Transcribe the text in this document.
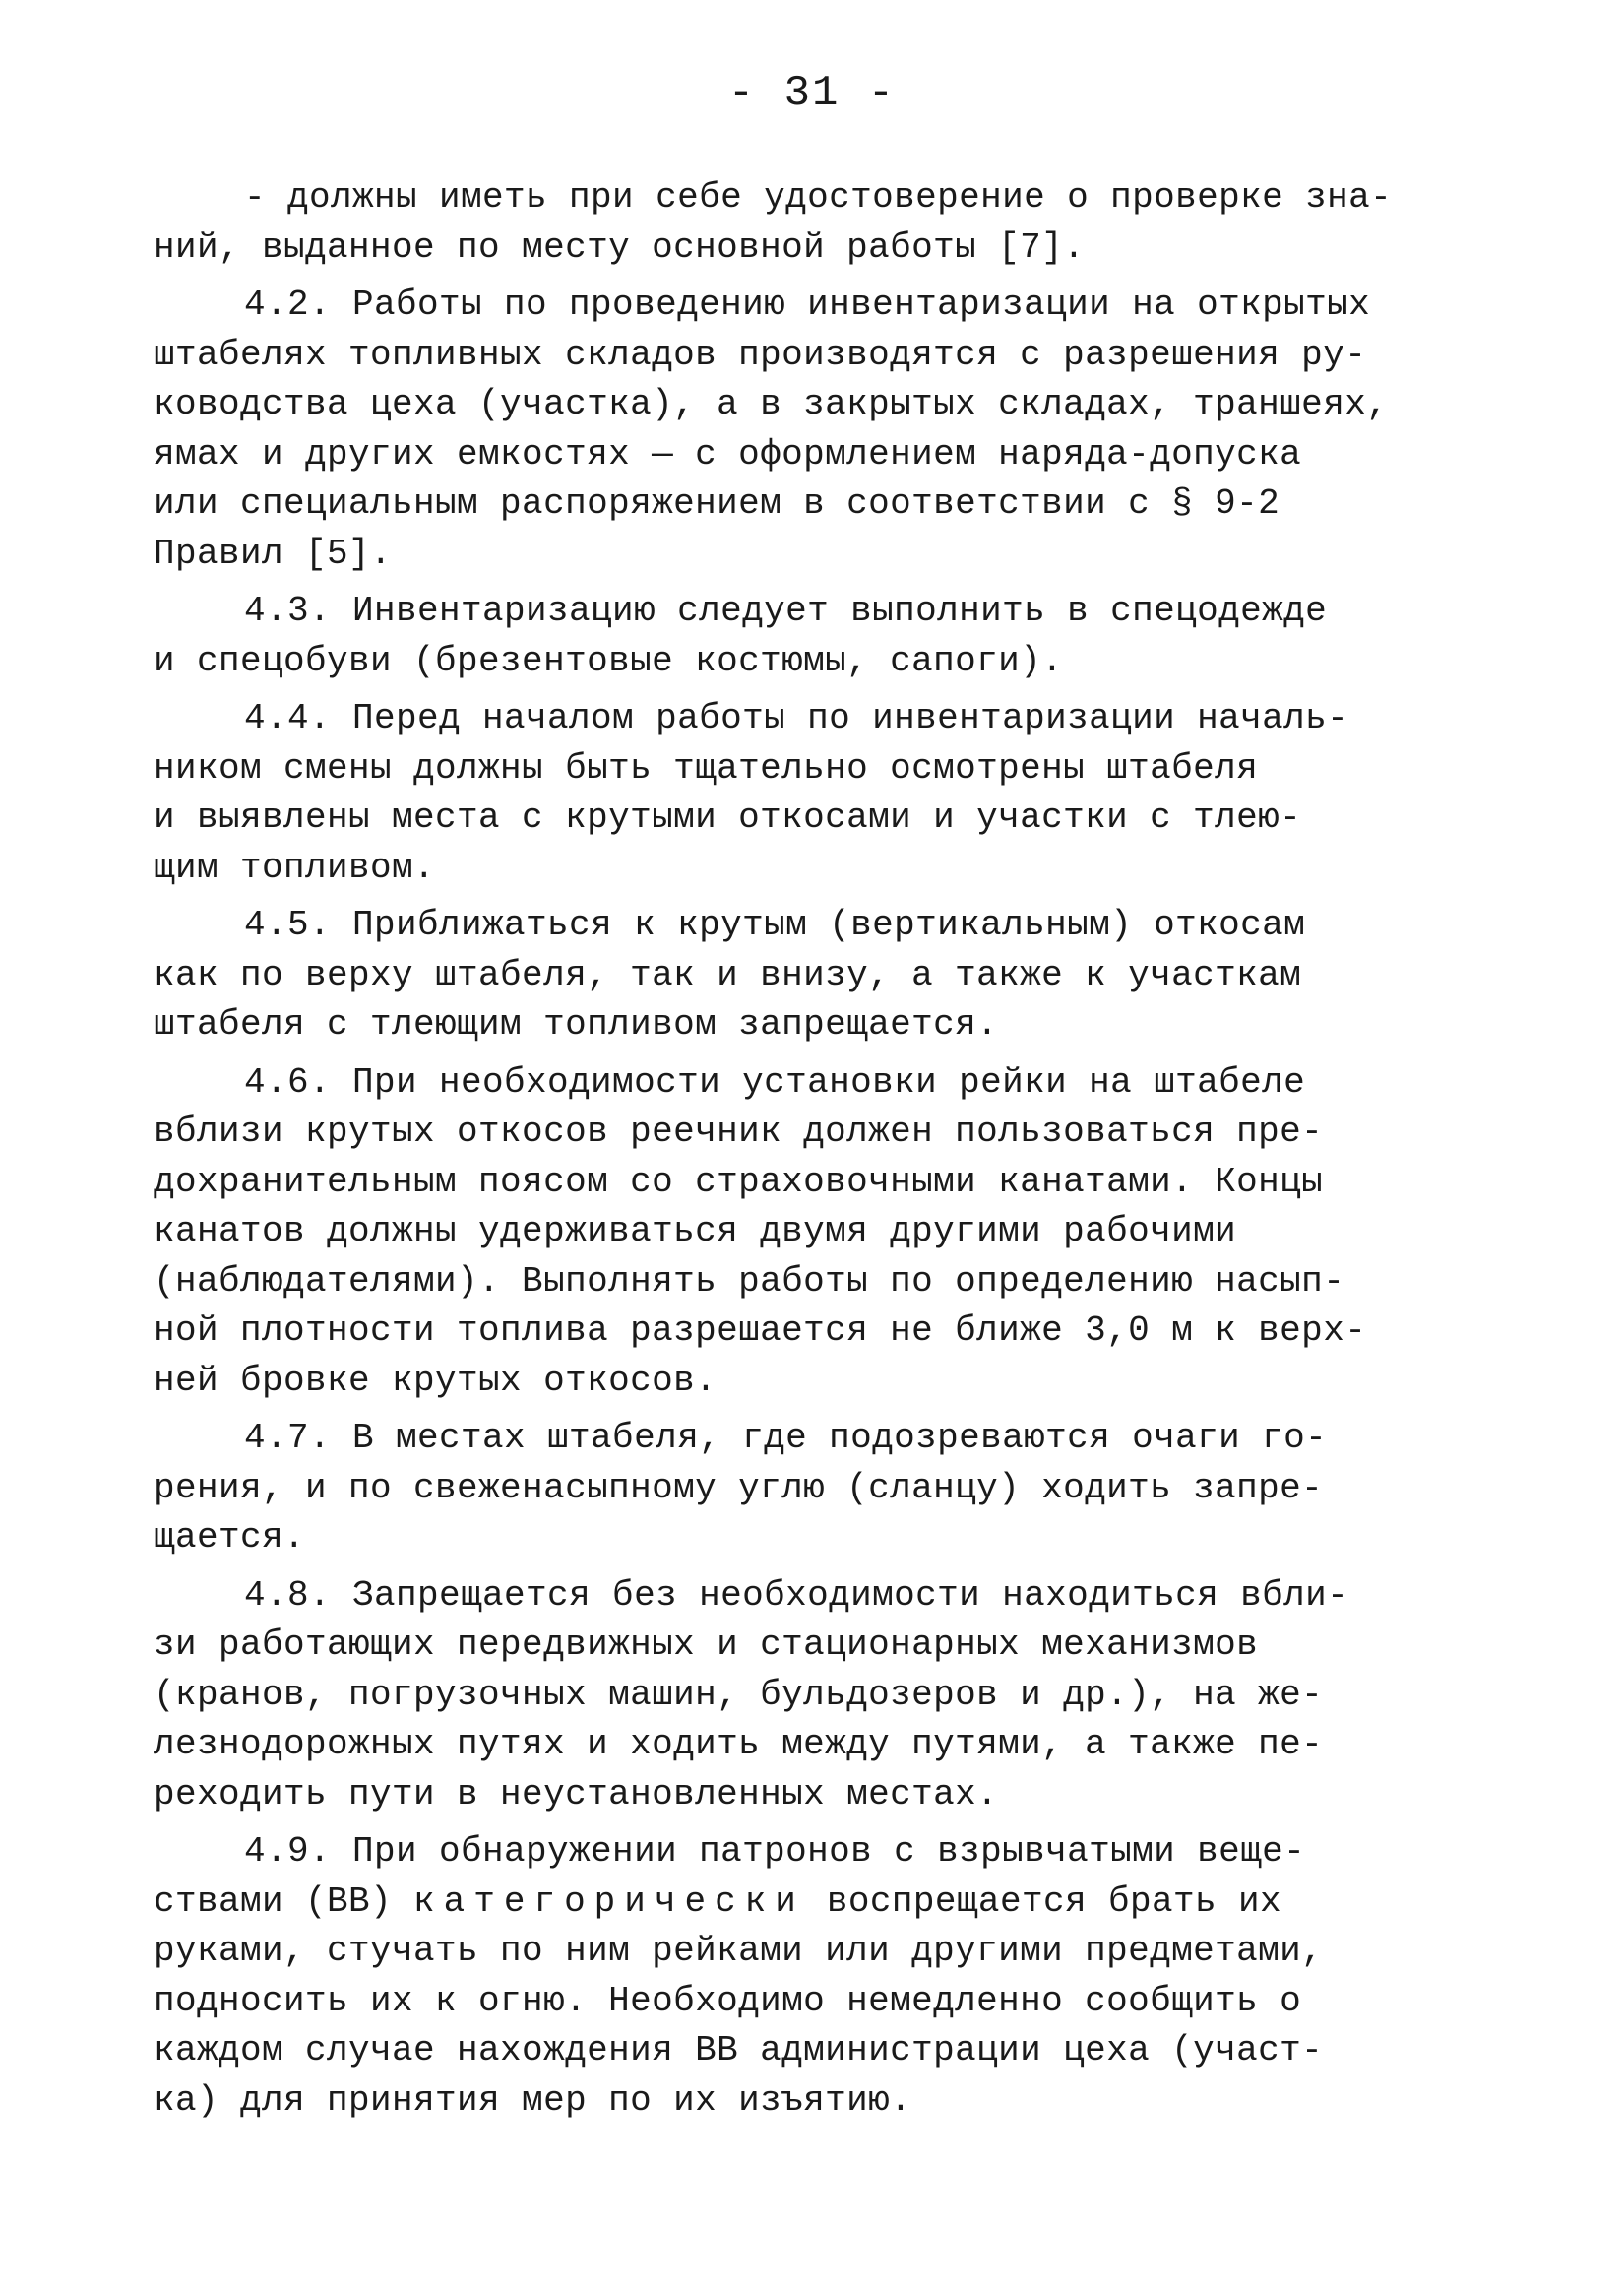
- 31 -
- должны иметь при себе удостоверение о проверке зна-
ний, выданное по месту основной работы [7].
4.2. Работы по проведению инвентаризации на открытых
штабелях топливных складов производятся с разрешения ру-
ководства цеха (участка), а в закрытых складах, траншеях,
ямах и других емкостях — с оформлением наряда-допуска
или специальным распоряжением в соответствии с § 9-2
Правил [5].
4.3. Инвентаризацию следует выполнить в спецодежде
и спецобуви (брезентовые костюмы, сапоги).
4.4. Перед началом работы по инвентаризации началь-
ником смены должны быть тщательно осмотрены штабеля
и выявлены места с крутыми откосами и участки с тлею-
щим топливом.
4.5. Приближаться к крутым (вертикальным) откосам
как по верху штабеля, так и внизу, а также к участкам
штабеля с тлеющим топливом запрещается.
4.6. При необходимости установки рейки на штабеле
вблизи крутых откосов реечник должен пользоваться пре-
дохранительным поясом со страховочными канатами. Концы
канатов должны удерживаться двумя другими рабочими
(наблюдателями). Выполнять работы по определению насып-
ной плотности топлива разрешается не ближе 3,0 м к верх-
ней бровке крутых откосов.
4.7. В местах штабеля, где подозреваются очаги го-
рения, и по свеженасыпному углю (сланцу) ходить запре-
щается.
4.8. Запрещается без необходимости находиться вбли-
зи работающих передвижных и стационарных механизмов
(кранов, погрузочных машин, бульдозеров и др.), на же-
лезнодорожных путях и ходить между путями, а также пе-
реходить пути в неустановленных местах.
4.9. При обнаружении патронов с взрывчатыми веще-
ствами (ВВ) категорически воспрещается брать их
руками, стучать по ним рейками или другими предметами,
подносить их к огню. Необходимо немедленно сообщить о
каждом случае нахождения ВВ администрации цеха (участ-
ка) для принятия мер по их изъятию.
